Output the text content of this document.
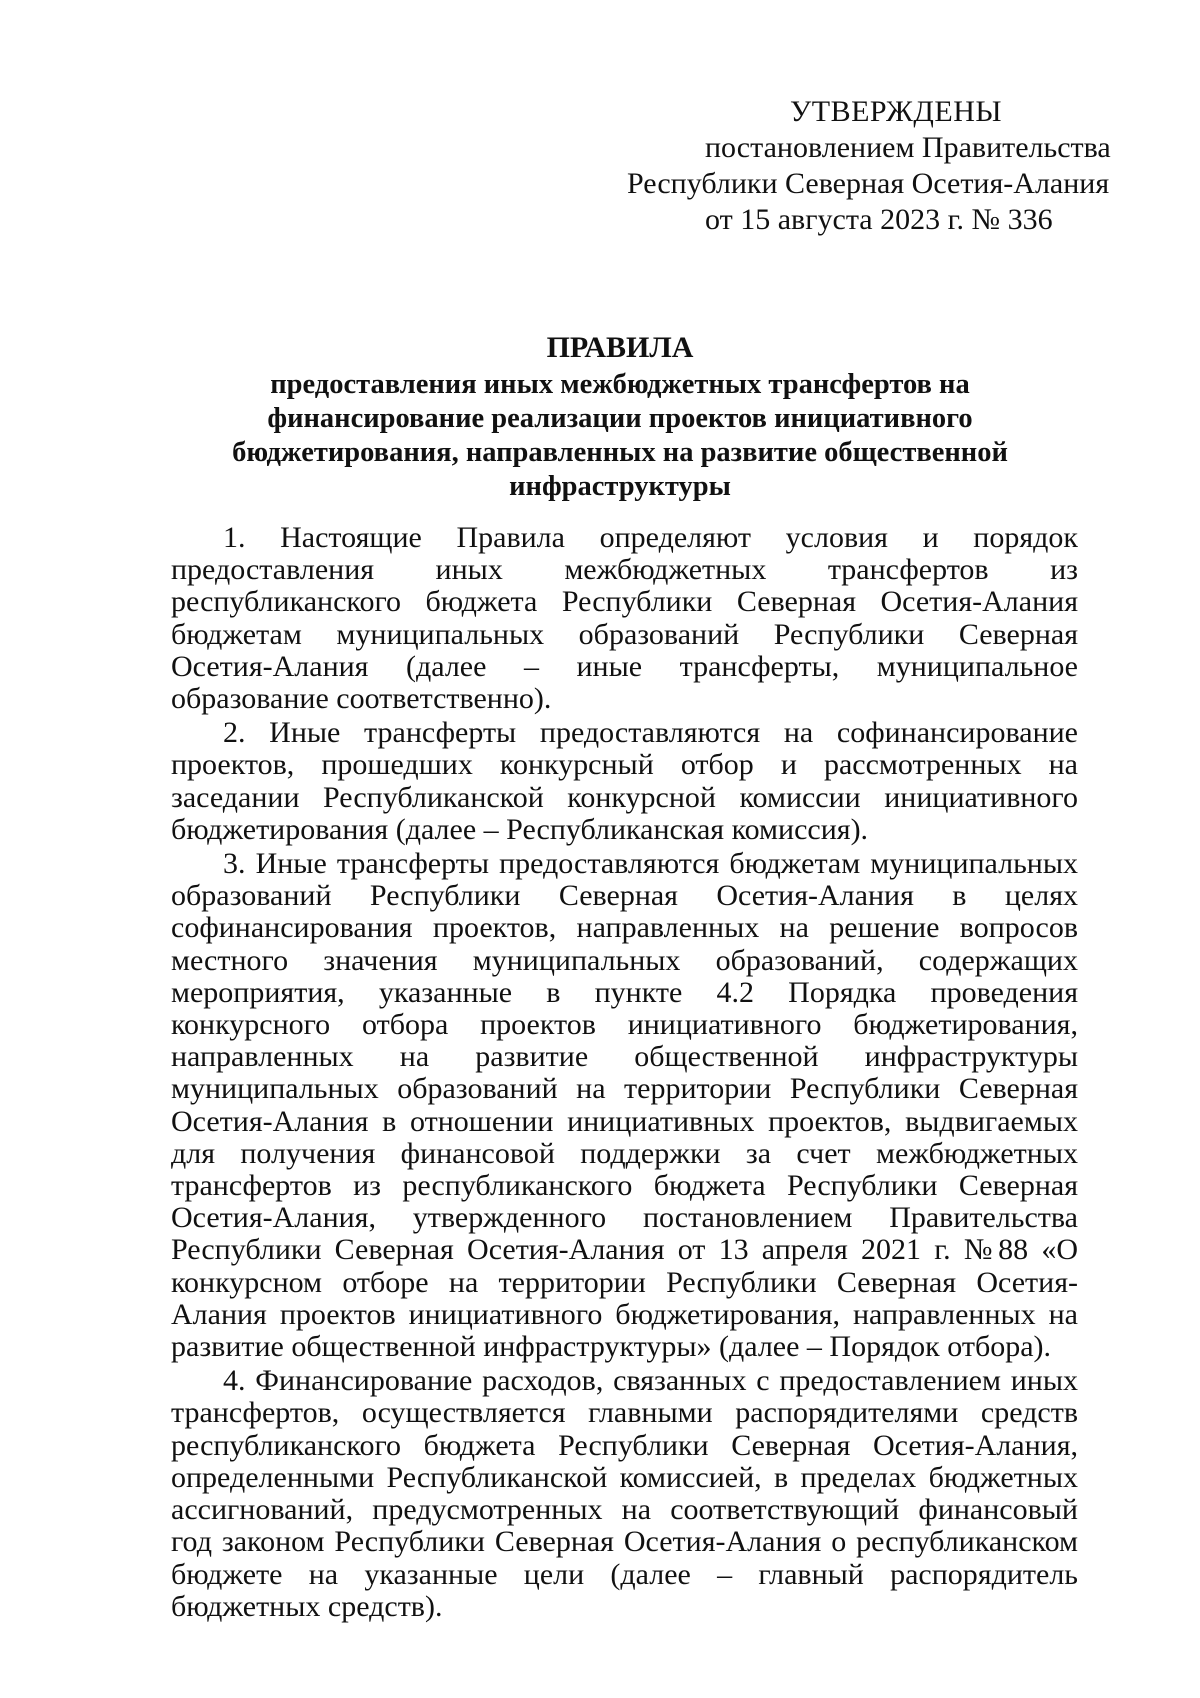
УТВЕРЖДЕНЫ
постановлением Правительства
Республики Северная Осетия-Алания
от 15 августа 2023 г. № 336
ПРАВИЛА
предоставления иных межбюджетных трансфертов на
финансирование реализации проектов инициативного
бюджетирования, направленных на развитие общественной
инфраструктуры

1. Настоящие Правила определяют условия и порядок предоставления иных межбюджетных трансфертов из республиканского бюджета Республики Северная Осетия-Алания бюджетам муниципальных образований Республики Северная Осетия-Алания (далее – иные трансферты, муниципальное образование соответственно).

2. Иные трансферты предоставляются на софинансирование проектов, прошедших конкурсный отбор и рассмотренных на заседании Республиканской конкурсной комиссии инициативного бюджетирования (далее – Республиканская комиссия).

3. Иные трансферты предоставляются бюджетам муниципальных образований Республики Северная Осетия-Алания в целях софинансирования проектов, направленных на решение вопросов местного значения муниципальных образований, содержащих мероприятия, указанные в пункте 4.2 Порядка проведения конкурсного отбора проектов инициативного бюджетирования, направленных на развитие общественной инфраструктуры муниципальных образований на территории Республики Северная Осетия-Алания в отношении инициативных проектов, выдвигаемых для получения финансовой поддержки за счет межбюджетных трансфертов из республиканского бюджета Республики Северная Осетия-Алания, утвержденного постановлением Правительства Республики Северная Осетия-Алания от 13 апреля 2021 г. №88 «О конкурсном отборе на территории Республики Северная Осетия-Алания проектов инициативного бюджетирования, направленных на развитие общественной инфраструктуры» (далее – Порядок отбора).

4. Финансирование расходов, связанных с предоставлением иных трансфертов, осуществляется главными распорядителями средств республиканского бюджета Республики Северная Осетия-Алания, определенными Республиканской комиссией, в пределах бюджетных ассигнований, предусмотренных на соответствующий финансовый год законом Республики Северная Осетия-Алания о республиканском бюджете на указанные цели (далее – главный распорядитель бюджетных средств).
